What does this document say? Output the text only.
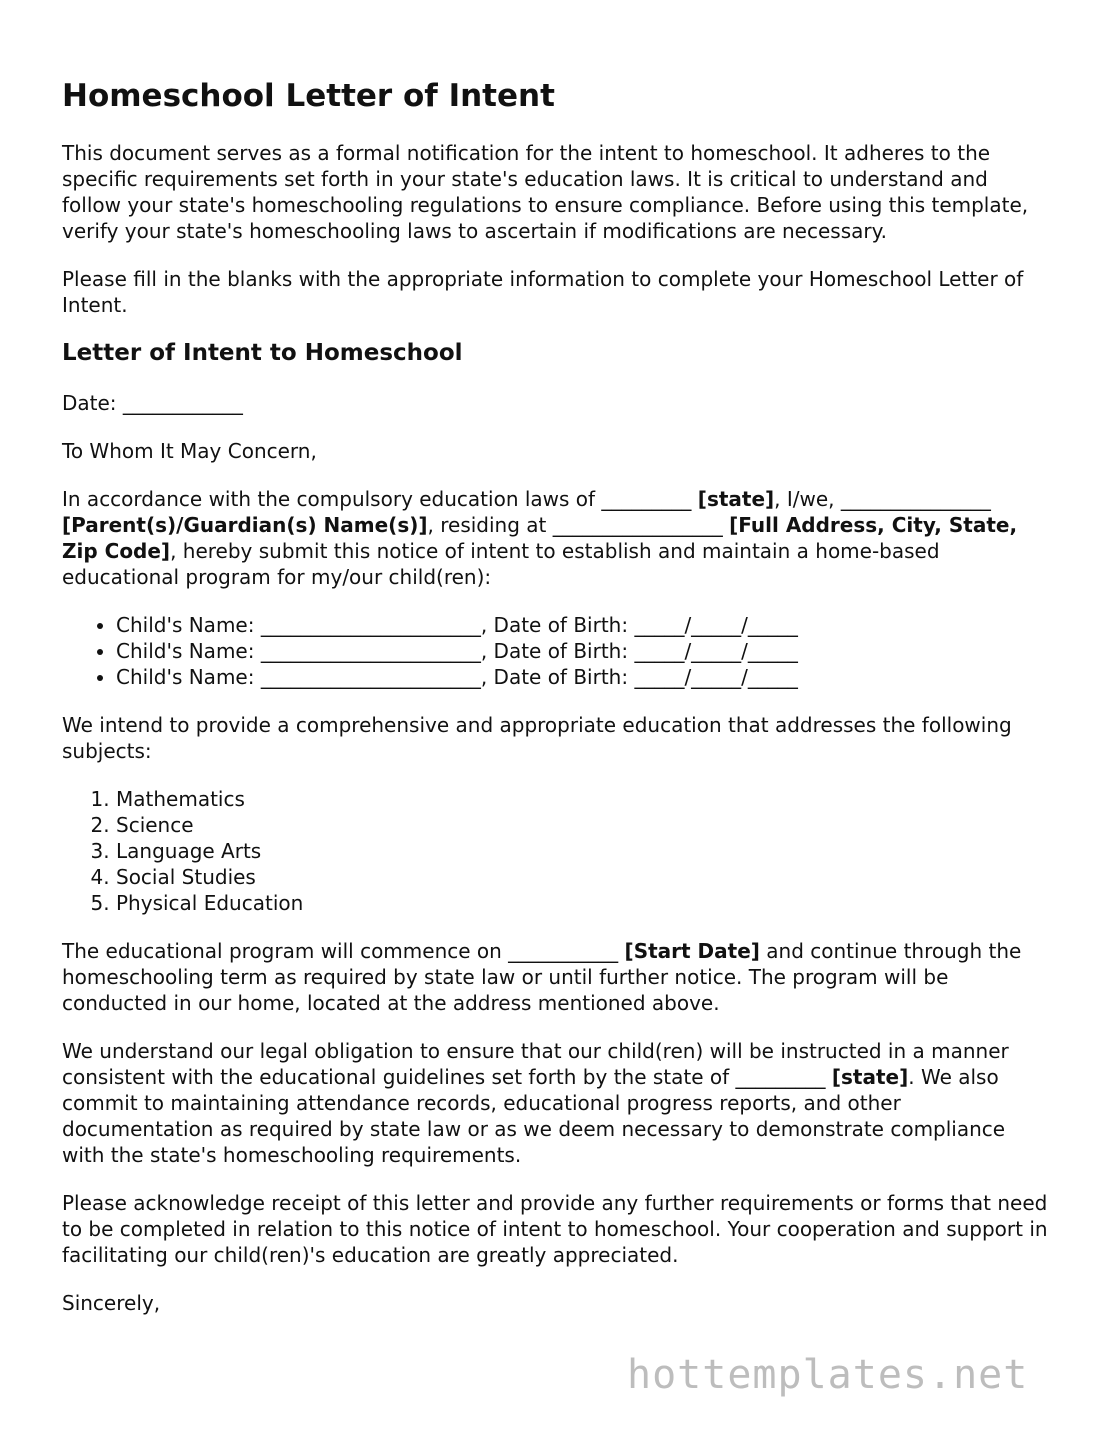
Homeschool Letter of Intent

This document serves as a formal notification for the intent to homeschool. It adheres to the specific requirements set forth in your state's education laws. It is critical to understand and follow your state's homeschooling regulations to ensure compliance. Before using this template, verify your state's homeschooling laws to ascertain if modifications are necessary.

Please fill in the blanks with the appropriate information to complete your Homeschool Letter of Intent.

Letter of Intent to Homeschool

Date: ____________

To Whom It May Concern,

In accordance with the compulsory education laws of _________ [state], I/we, _______________ [Parent(s)/Guardian(s) Name(s)], residing at _________________ [Full Address, City, State, Zip Code], hereby submit this notice of intent to establish and maintain a home-based educational program for my/our child(ren):

• Child's Name: ______________________, Date of Birth: _____/_____/_____
• Child's Name: ______________________, Date of Birth: _____/_____/_____
• Child's Name: ______________________, Date of Birth: _____/_____/_____

We intend to provide a comprehensive and appropriate education that addresses the following subjects:

1. Mathematics
2. Science
3. Language Arts
4. Social Studies
5. Physical Education

The educational program will commence on ___________ [Start Date] and continue through the homeschooling term as required by state law or until further notice. The program will be conducted in our home, located at the address mentioned above.

We understand our legal obligation to ensure that our child(ren) will be instructed in a manner consistent with the educational guidelines set forth by the state of _________ [state]. We also commit to maintaining attendance records, educational progress reports, and other documentation as required by state law or as we deem necessary to demonstrate compliance with the state's homeschooling requirements.

Please acknowledge receipt of this letter and provide any further requirements or forms that need to be completed in relation to this notice of intent to homeschool. Your cooperation and support in facilitating our child(ren)'s education are greatly appreciated.

Sincerely,

hottemplates.net
